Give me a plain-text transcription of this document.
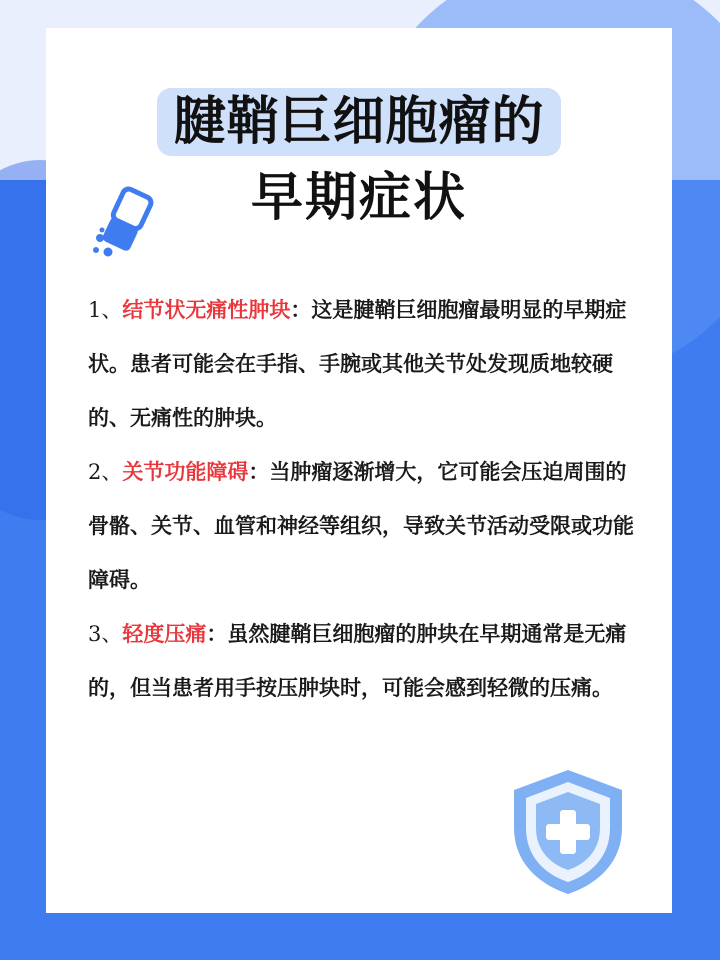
腱鞘巨细胞瘤的
早期症状

1、结节状无痛性肿块：这是腱鞘巨细胞瘤最明显的早期症状。患者可能会在手指、手腕或其他关节处发现质地较硬的、无痛性的肿块。

2、关节功能障碍：当肿瘤逐渐增大，它可能会压迫周围的骨骼、关节、血管和神经等组织，导致关节活动受限或功能障碍。

3、轻度压痛：虽然腱鞘巨细胞瘤的肿块在早期通常是无痛的，但当患者用手按压肿块时，可能会感到轻微的压痛。
